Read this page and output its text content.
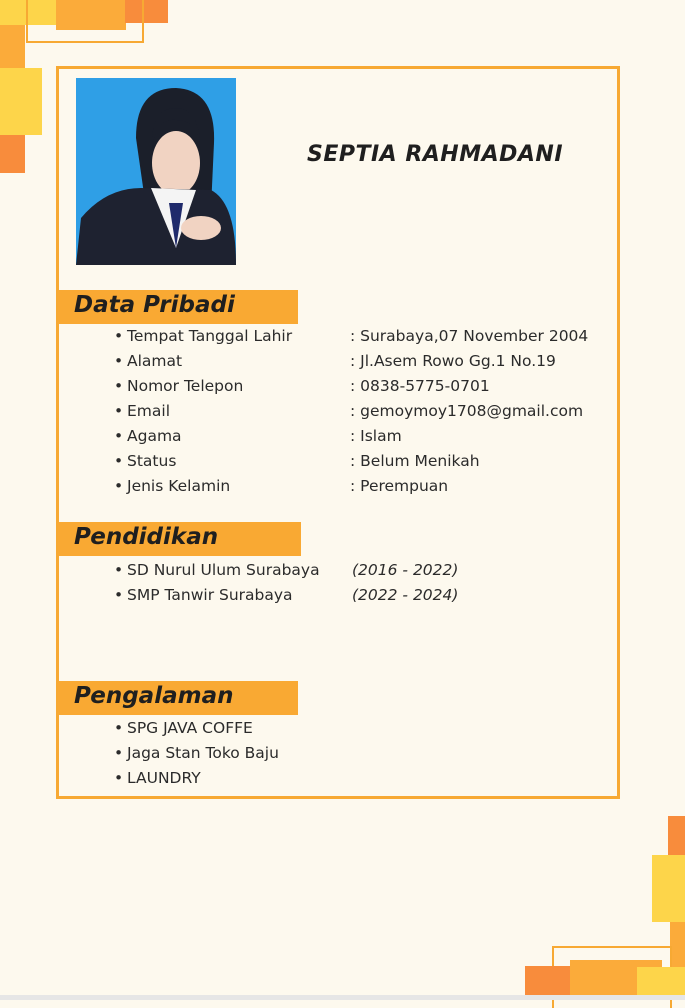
SEPTIA RAHMADANI
Data Pribadi
Pendidikan
Pengalaman
• Tempat Tanggal Lahir	: Surabaya,07 November 2004
• Alamat	: Jl.Asem Rowo Gg.1 No.19
• Nomor Telepon	: 0838-5775-0701
• Email	: gemoymoy1708@gmail.com
• Agama	: Islam
• Status	: Belum Menikah
• Jenis Kelamin	: Perempuan
• SD Nurul Ulum Surabaya (2016 - 2022)
• SMP Tanwir Surabaya	(2022 - 2024)
• SPG JAVA COFFE
• Jaga Stan Toko Baju
• LAUNDRY
